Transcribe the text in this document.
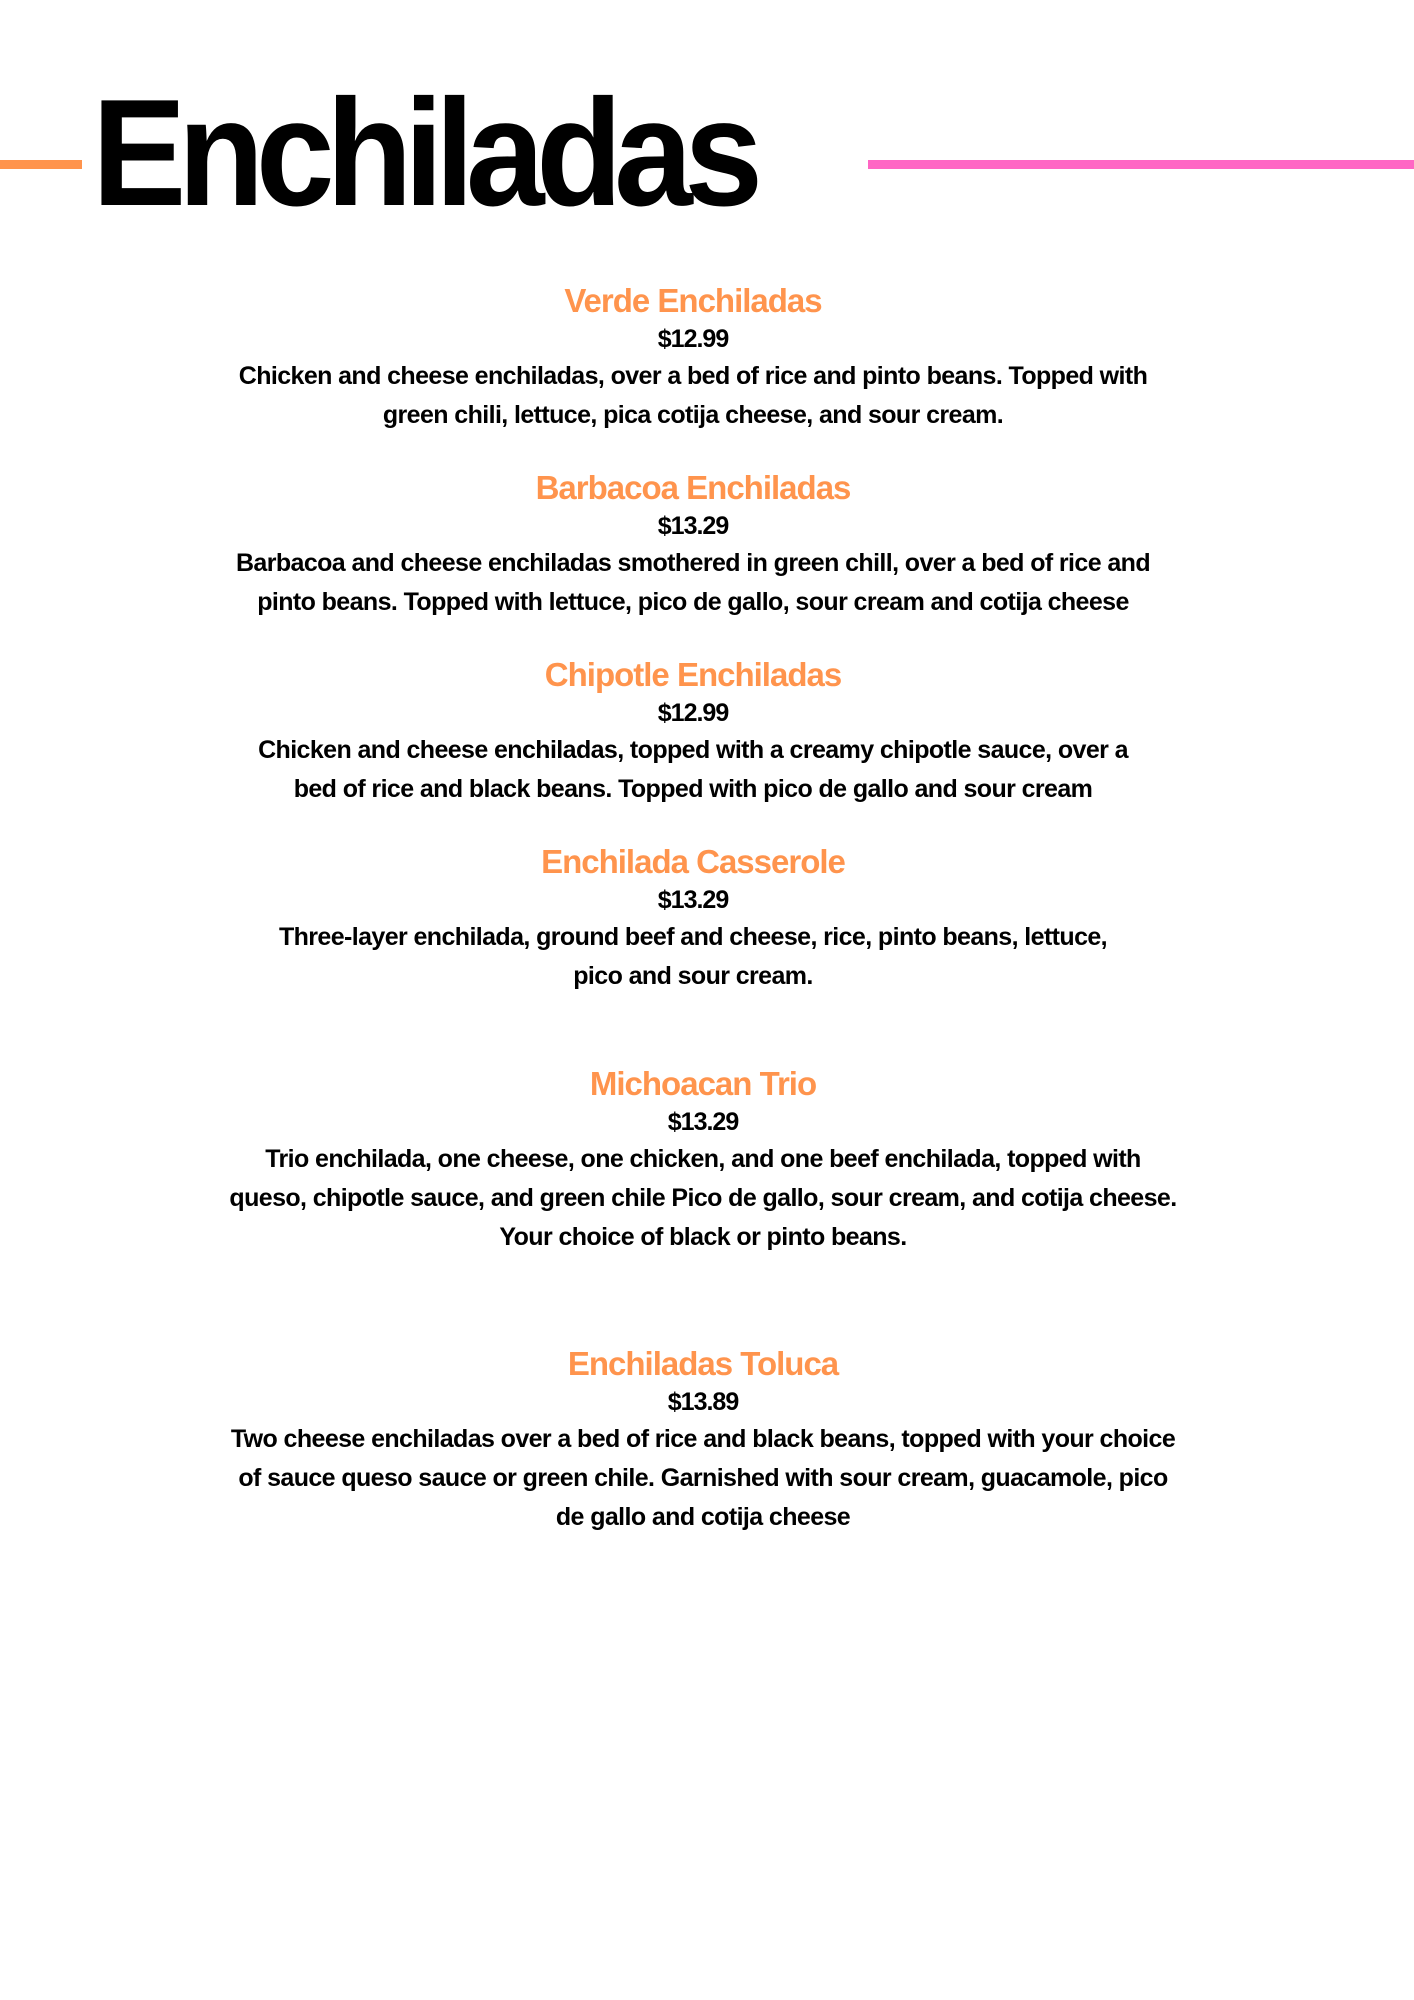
Enchiladas
Verde Enchiladas
$12.99
Chicken and cheese enchiladas, over a bed of rice and pinto beans. Topped with
green chili, lettuce, pica cotija cheese, and sour cream.
Barbacoa Enchiladas
$13.29
Barbacoa and cheese enchiladas smothered in green chill, over a bed of rice and
pinto beans. Topped with lettuce, pico de gallo, sour cream and cotija cheese
Chipotle Enchiladas
$12.99
Chicken and cheese enchiladas, topped with a creamy chipotle sauce, over a
bed of rice and black beans. Topped with pico de gallo and sour cream
Enchilada Casserole
$13.29
Three-layer enchilada, ground beef and cheese, rice, pinto beans, lettuce,
pico and sour cream.
Michoacan Trio
$13.29
Trio enchilada, one cheese, one chicken, and one beef enchilada, topped with
queso, chipotle sauce, and green chile Pico de gallo, sour cream, and cotija cheese.
Your choice of black or pinto beans.
Enchiladas Toluca
$13.89
Two cheese enchiladas over a bed of rice and black beans, topped with your choice
of sauce queso sauce or green chile. Garnished with sour cream, guacamole, pico
de gallo and cotija cheese
